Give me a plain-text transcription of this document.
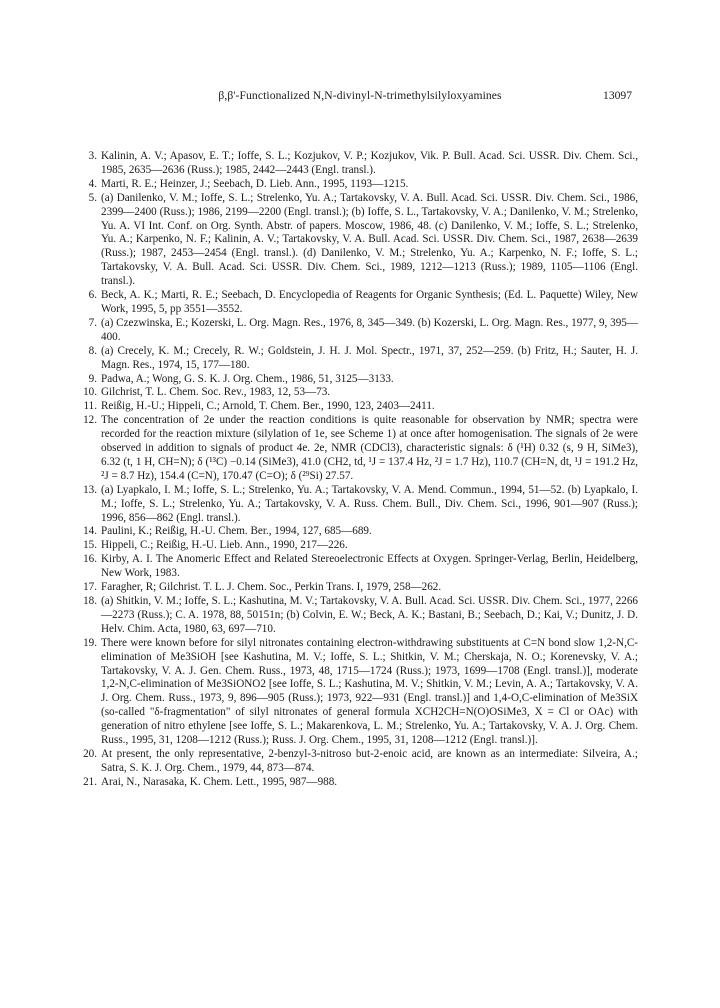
β,β'-Functionalized N,N-divinyl-N-trimethylsilyloxyamines	13097
3. Kalinin, A. V.; Apasov, E. T.; Ioffe, S. L.; Kozjukov, V. P.; Kozjukov, Vik. P. Bull. Acad. Sci. USSR. Div. Chem. Sci., 1985, 2635—2636 (Russ.); 1985, 2442—2443 (Engl. transl.).
4. Marti, R. E.; Heinzer, J.; Seebach, D. Lieb. Ann., 1995, 1193—1215.
5. (a) Danilenko, V. M.; Ioffe, S. L.; Strelenko, Yu. A.; Tartakovsky, V. A. Bull. Acad. Sci. USSR. Div. Chem. Sci., 1986, 2399—2400 (Russ.); 1986, 2199—2200 (Engl. transl.); (b) Ioffe, S. L., Tartakovsky, V. A.; Danilenko, V. M.; Strelenko, Yu. A. VI Int. Conf. on Org. Synth. Abstr. of papers. Moscow, 1986, 48. (c) Danilenko, V. M.; Ioffe, S. L.; Strelenko, Yu. A.; Karpenko, N. F.; Kalinin, A. V.; Tartakovsky, V. A. Bull. Acad. Sci. USSR. Div. Chem. Sci., 1987, 2638—2639 (Russ.); 1987, 2453—2454 (Engl. transl.). (d) Danilenko, V. M.; Strelenko, Yu. A.; Karpenko, N. F.; Ioffe, S. L.; Tartakovsky, V. A. Bull. Acad. Sci. USSR. Div. Chem. Sci., 1989, 1212—1213 (Russ.); 1989, 1105—1106 (Engl. transl.).
6. Beck, A. K.; Marti, R. E.; Seebach, D. Encyclopedia of Reagents for Organic Synthesis; (Ed. L. Paquette) Wiley, New Work, 1995, 5, pp 3551—3552.
7. (a) Czezwinska, E.; Kozerski, L. Org. Magn. Res., 1976, 8, 345—349. (b) Kozerski, L. Org. Magn. Res., 1977, 9, 395—400.
8. (a) Crecely, K. M.; Crecely, R. W.; Goldstein, J. H. J. Mol. Spectr., 1971, 37, 252—259. (b) Fritz, H.; Sauter, H. J. Magn. Res., 1974, 15, 177—180.
9. Padwa, A.; Wong, G. S. K. J. Org. Chem., 1986, 51, 3125—3133.
10. Gilchrist, T. L. Chem. Soc. Rev., 1983, 12, 53—73.
11. Reißig, H.-U.; Hippeli, C.; Arnold, T. Chem. Ber., 1990, 123, 2403—2411.
12. The concentration of 2e under the reaction conditions is quite reasonable for observation by NMR; spectra were recorded for the reaction mixture (silylation of 1e, see Scheme 1) at once after homogenisation. The signals of 2e were observed in addition to signals of product 4e. 2e, NMR (CDCl3), characteristic signals: δ (¹H) 0.32 (s, 9 H, SiMe3), 6.32 (t, 1 H, CH=N); δ (¹³C) −0.14 (SiMe3), 41.0 (CH2, td, ¹J = 137.4 Hz, ²J = 1.7 Hz), 110.7 (CH=N, dt, ¹J = 191.2 Hz, ²J = 8.7 Hz), 154.4 (C=N), 170.47 (C=O); δ (²⁹Si) 27.57.
13. (a) Lyapkalo, I. M.; Ioffe, S. L.; Strelenko, Yu. A.; Tartakovsky, V. A. Mend. Commun., 1994, 51—52. (b) Lyapkalo, I. M.; Ioffe, S. L.; Strelenko, Yu. A.; Tartakovsky, V. A. Russ. Chem. Bull., Div. Chem. Sci., 1996, 901—907 (Russ.); 1996, 856—862 (Engl. transl.).
14. Paulini, K.; Reißig, H.-U. Chem. Ber., 1994, 127, 685—689.
15. Hippeli, C.; Reißig, H.-U. Lieb. Ann., 1990, 217—226.
16. Kirby, A. I. The Anomeric Effect and Related Stereoelectronic Effects at Oxygen. Springer-Verlag, Berlin, Heidelberg, New Work, 1983.
17. Faragher, R; Gilchrist. T. L. J. Chem. Soc., Perkin Trans. I, 1979, 258—262.
18. (a) Shitkin, V. M.; Ioffe, S. L.; Kashutina, M. V.; Tartakovsky, V. A. Bull. Acad. Sci. USSR. Div. Chem. Sci., 1977, 2266—2273 (Russ.); C. A. 1978, 88, 50151n; (b) Colvin, E. W.; Beck, A. K.; Bastani, B.; Seebach, D.; Kai, V.; Dunitz, J. D. Helv. Chim. Acta, 1980, 63, 697—710.
19. There were known before for silyl nitronates containing electron-withdrawing substituents at C=N bond slow 1,2-N,C-elimination of Me3SiOH [see Kashutina, M. V.; Ioffe, S. L.; Shitkin, V. M.; Cherskaja, N. O.; Korenevsky, V. A.; Tartakovsky, V. A. J. Gen. Chem. Russ., 1973, 48, 1715—1724 (Russ.); 1973, 1699—1708 (Engl. transl.)], moderate 1,2-N,C-elimination of Me3SiONO2 [see Ioffe, S. L.; Kashutina, M. V.; Shitkin, V. M.; Levin, A. A.; Tartakovsky, V. A. J. Org. Chem. Russ., 1973, 9, 896—905 (Russ.); 1973, 922—931 (Engl. transl.)] and 1,4-O,C-elimination of Me3SiX (so-called "δ-fragmentation" of silyl nitronates of general formula XCH2CH=N(O)OSiMe3, X = Cl or OAc) with generation of nitro ethylene [see Ioffe, S. L.; Makarenkova, L. M.; Strelenko, Yu. A.; Tartakovsky, V. A. J. Org. Chem. Russ., 1995, 31, 1208—1212 (Russ.); Russ. J. Org. Chem., 1995, 31, 1208—1212 (Engl. transl.)].
20. At present, the only representative, 2-benzyl-3-nitroso but-2-enoic acid, are known as an intermediate: Silveira, A.; Satra, S. K. J. Org. Chem., 1979, 44, 873—874.
21. Arai, N., Narasaka, K. Chem. Lett., 1995, 987—988.
